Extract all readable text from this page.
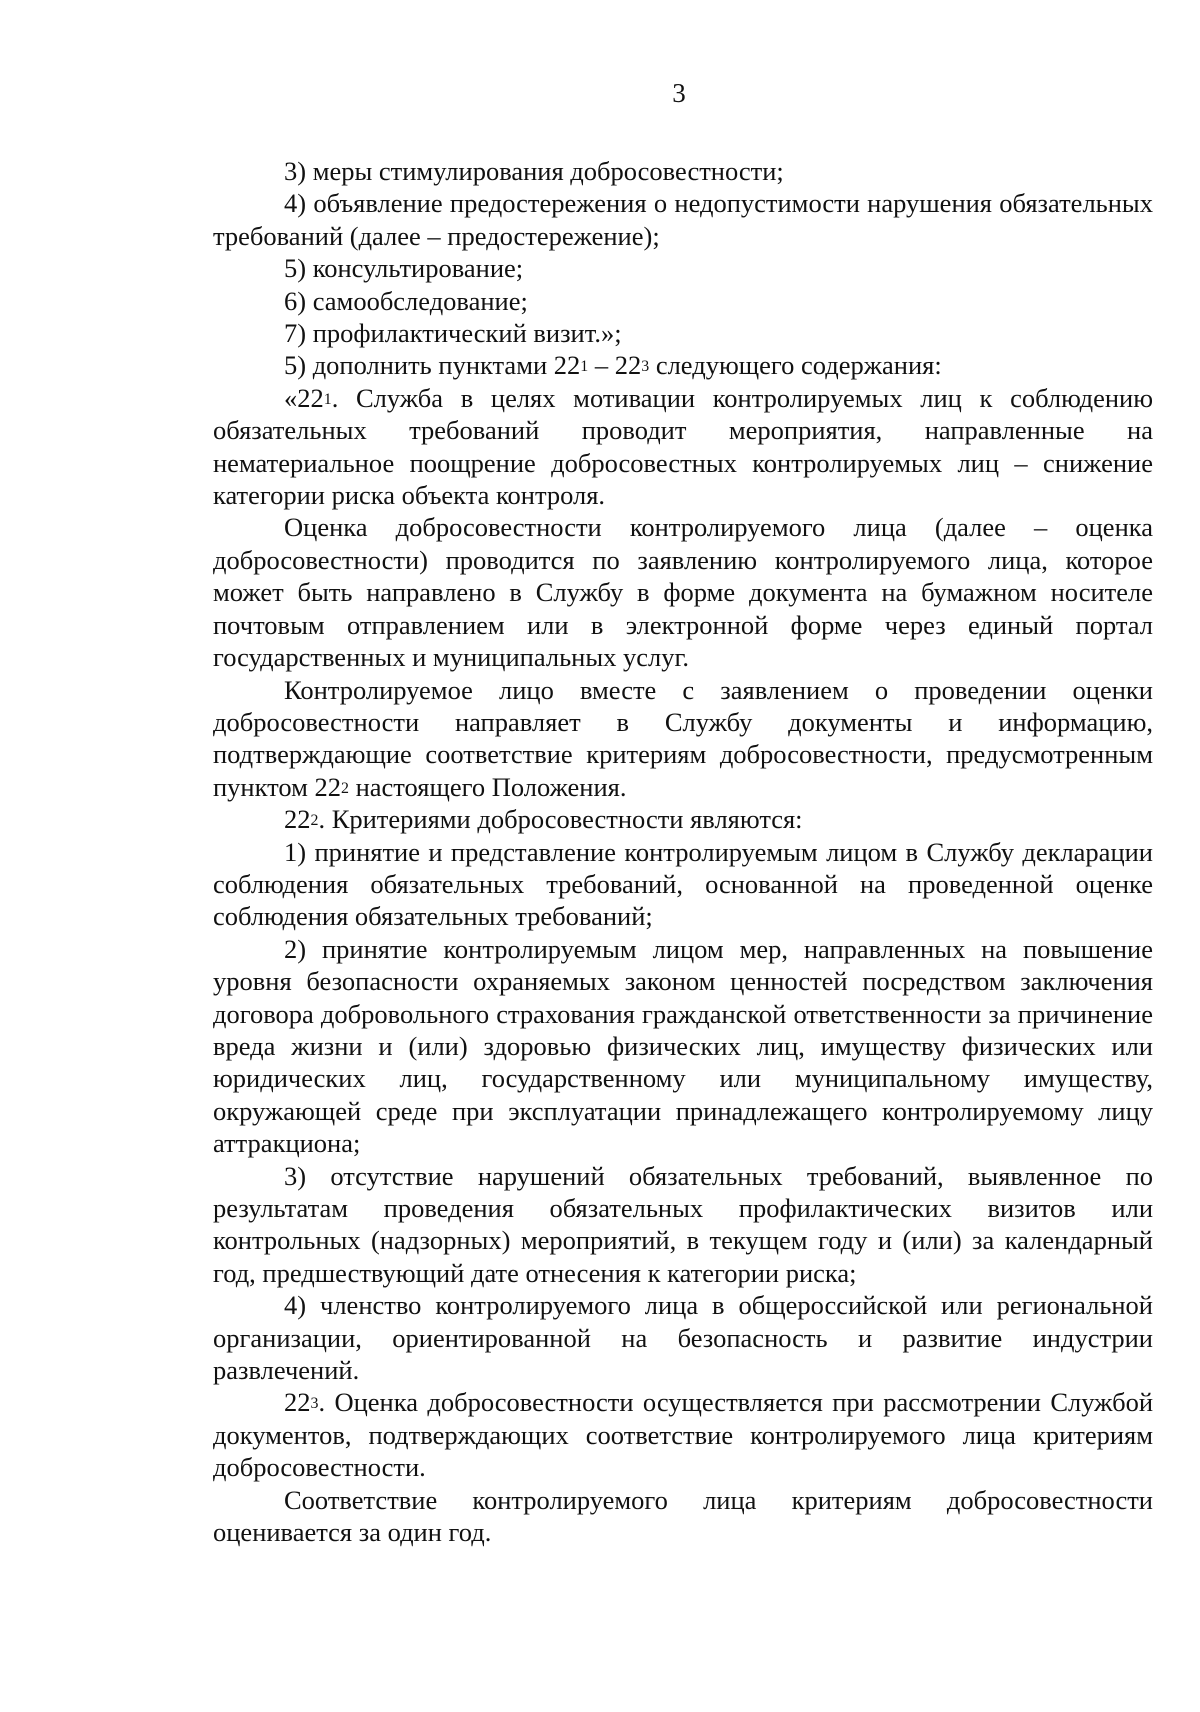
3

3) меры стимулирования добросовестности;

4) объявление предостережения о недопустимости нарушения обязательных требований (далее – предостережение);

5) консультирование;

6) самообследование;

7) профилактический визит.»;

5) дополнить пунктами $22^1 - 22^3$ следующего содержания:

«$22^1$. Служба в целях мотивации контролируемых лиц к соблюдению обязательных требований проводит мероприятия, направленные на нематериальное поощрение добросовестных контролируемых лиц – снижение категории риска объекта контроля.

Оценка добросовестности контролируемого лица (далее – оценка добросовестности) проводится по заявлению контролируемого лица, которое может быть направлено в Службу в форме документа на бумажном носителе почтовым отправлением или в электронной форме через единый портал государственных и муниципальных услуг.

Контролируемое лицо вместе с заявлением о проведении оценки добросовестности направляет в Службу документы и информацию, подтверждающие соответствие критериям добросовестности, предусмотренным пунктом $22^2$ настоящего Положения.

$22^2$. Критериями добросовестности являются:

1) принятие и представление контролируемым лицом в Службу декларации соблюдения обязательных требований, основанной на проведенной оценке соблюдения обязательных требований;

2) принятие контролируемым лицом мер, направленных на повышение уровня безопасности охраняемых законом ценностей посредством заключения договора добровольного страхования гражданской ответственности за причинение вреда жизни и (или) здоровью физических лиц, имуществу физических или юридических лиц, государственному или муниципальному имуществу, окружающей среде при эксплуатации принадлежащего контролируемому лицу аттракциона;

3) отсутствие нарушений обязательных требований, выявленное по результатам проведения обязательных профилактических визитов или контрольных (надзорных) мероприятий, в текущем году и (или) за календарный год, предшествующий дате отнесения к категории риска;

4) членство контролируемого лица в общероссийской или региональной организации, ориентированной на безопасность и развитие индустрии развлечений.

$22^3$. Оценка добросовестности осуществляется при рассмотрении Службой документов, подтверждающих соответствие контролируемого лица критериям добросовестности.

Соответствие контролируемого лица критериям добросовестности оценивается за один год.
